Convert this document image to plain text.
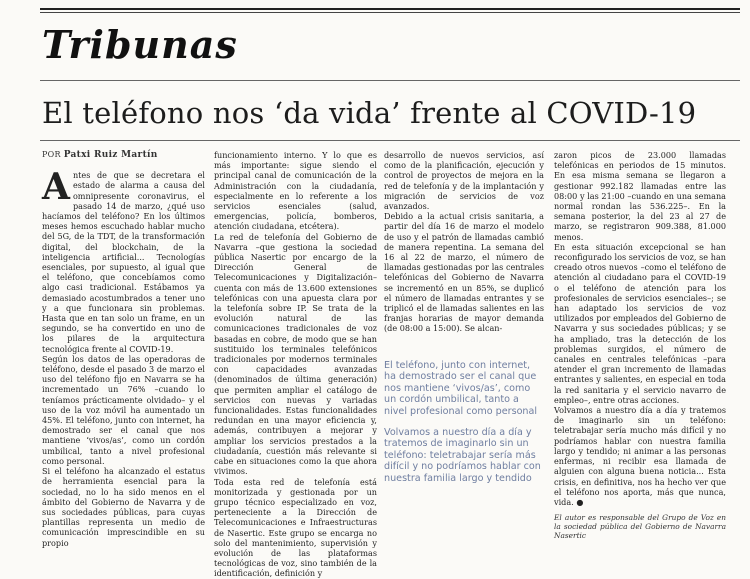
Tribunas
El teléfono nos ‘da vida’ frente al COVID-19
POR Patxi Ruiz Martín

Antes de que se decretara el estado de alarma a causa del omnipresente coronavirus, el pasado 14 de marzo, ¿qué uso hacíamos del teléfono? En los últimos meses hemos escuchado hablar mucho del 5G, de la TDT, de la transformación digital, del blockchain, de la inteligencia artificial... Tecnologías esenciales, por supuesto, al igual que el teléfono, que concebíamos como algo casi tradicional. Estábamos ya demasiado acostumbrados a tener uno y a que funcionara sin problemas. Hasta que en tan solo un frame, en un segundo, se ha convertido en uno de los pilares de la arquitectura tecnológica frente al COVID-19.
Según los datos de las operadoras de teléfono, desde el pasado 3 de marzo el uso del teléfono fijo en Navarra se ha incrementado un 76% –cuando lo teníamos prácticamente olvidado– y el uso de la voz móvil ha aumentado un 45%. El teléfono, junto con internet, ha demostrado ser el canal que nos mantiene ‘vivos/as’, como un cordón umbilical, tanto a nivel profesional como personal.
Si el teléfono ha alcanzado el estatus de herramienta esencial para la sociedad, no lo ha sido menos en el ámbito del Gobierno de Navarra y de sus sociedades públicas, para cuyas plantillas representa un medio de comunicación imprescindible en su propio

funcionamiento interno. Y lo que es más importante: sigue siendo el principal canal de comunicación de la Administración con la ciudadanía, especialmente en lo referente a los servicios esenciales (salud, emergencias, policía, bomberos, atención ciudadana, etcétera).
La red de telefonía del Gobierno de Navarra –que gestiona la sociedad pública Nasertic por encargo de la Dirección General de Telecomunicaciones y Digitalización– cuenta con más de 13.600 extensiones telefónicas con una apuesta clara por la telefonía sobre IP. Se trata de la evolución natural de las comunicaciones tradicionales de voz basadas en cobre, de modo que se han sustituido los terminales telefónicos tradicionales por modernos terminales con capacidades avanzadas (denominados de última generación) que permiten ampliar el catálogo de servicios con nuevas y variadas funcionalidades. Estas funcionalidades redundan en una mayor eficiencia y, además, contribuyen a mejorar y ampliar los servicios prestados a la ciudadanía, cuestión más relevante si cabe en situaciones como la que ahora vivimos.
Toda esta red de telefonía está monitorizada y gestionada por un grupo técnico especializado en voz, perteneciente a la Dirección de Telecomunicaciones e Infraestructuras de Nasertic. Este grupo se encarga no solo del mantenimiento, supervisión y evolución de las plataformas tecnológicas de voz, sino también de la identificación, definición y

desarrollo de nuevos servicios, así como de la planificación, ejecución y control de proyectos de mejora en la red de telefonía y de la implantación y migración de servicios de voz avanzados.
Debido a la actual crisis sanitaria, a partir del día 16 de marzo el modelo de uso y el patrón de llamadas cambió de manera repentina. La semana del 16 al 22 de marzo, el número de llamadas gestionadas por las centrales telefónicas del Gobierno de Navarra se incrementó en un 85%, se duplicó el número de llamadas entrantes y se triplicó el de llamadas salientes en las franjas horarias de mayor demanda (de 08:00 a 15:00). Se alcan-

El teléfono, junto con internet, ha demostrado ser el canal que nos mantiene ‘vivos/as’, como un cordón umbilical, tanto a nivel profesional como personal
Volvamos a nuestro día a día y tratemos de imaginarlo sin un teléfono: teletrabajar sería más difícil y no podríamos hablar con nuestra familia largo y tendido

zaron picos de 23.000 llamadas telefónicas en periodos de 15 minutos. En esa misma semana se llegaron a gestionar 992.182 llamadas entre las 08:00 y las 21:00 –cuando en una semana normal rondan las 536.225–. En la semana posterior, la del 23 al 27 de marzo, se registraron 909.388, 81.000 menos.
En esta situación excepcional se han reconfigurado los servicios de voz, se han creado otros nuevos –como el teléfono de atención al ciudadano para el COVID-19 o el teléfono de atención para los profesionales de servicios esenciales–; se han adaptado los servicios de voz utilizados por empleados del Gobierno de Navarra y sus sociedades públicas; y se ha ampliado, tras la detección de los problemas surgidos, el número de canales en centrales telefónicas –para atender el gran incremento de llamadas entrantes y salientes, en especial en toda la red sanitaria y el servicio navarro de empleo–, entre otras acciones.
Volvamos a nuestro día a día y tratemos de imaginarlo sin un teléfono: teletrabajar sería mucho más difícil y no podríamos hablar con nuestra familia largo y tendido; ni animar a las personas enfermas, ni recibir esa llamada de alguien con alguna buena noticia... Esta crisis, en definitiva, nos ha hecho ver que el teléfono nos aporta, más que nunca, vida. ●

El autor es responsable del Grupo de Voz en la sociedad pública del Gobierno de Navarra Nasertic
